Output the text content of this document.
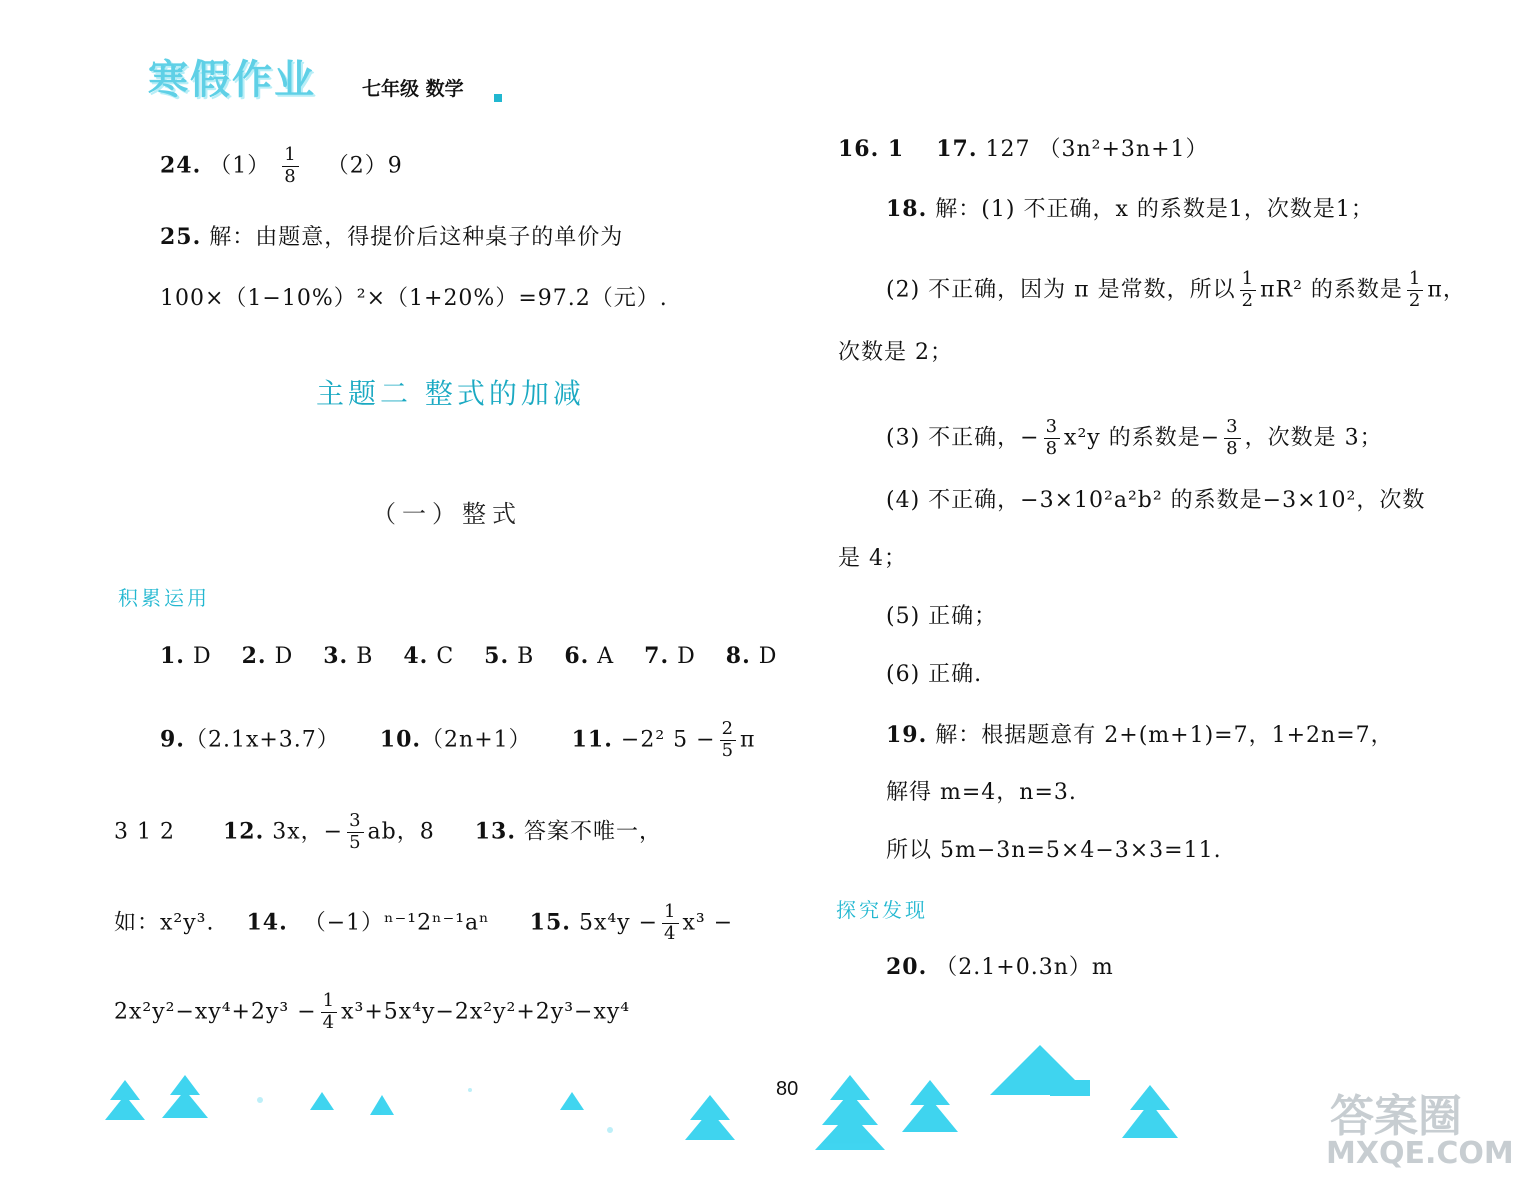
寒假作业 七年级 数学
24. $(1) \frac{1}{8} (2)9$
25. 解：由题意，得提价后这种桌子的单价为
100×（1−10%）²×（1+20%）=97.2（元）.
主题二 整式的加减
（一）整式
积累运用
1. D 2. D 3. B 4. C 5. B 6. A 7. D 8. D
9.（2.1x+3.7） 10.（2n+1） 11. −2² $5 - \frac{2}{5}$ π
3 1 2 12. 3x，− $\frac{3}{5}$ ab，8 13. 答案不唯一，
如：x²y³. 14. （−1）ⁿ⁻¹2ⁿ⁻¹aⁿ 15. $5x^4y - \frac{1}{4} x^3$ −
$2x^2y^2-xy^4+2y^3 - \frac{1}{4} x^3+5x^4y-2x^2y^2+2y^3-xy^4$
16. 1 17. 127 （3n²+3n+1）
18. 解：(1) 不正确，x 的系数是1，次数是1；
(2) 不正确，因为 π 是常数，所以 $\frac{1}{2} \pi R^2$ 的系数是 $\frac{1}{2}$ π，
次数是 2；
(3) 不正确，− $\frac{3}{8} x^2y$ 的系数是− $\frac{3}{8}$ ，次数是 3；
(4) 不正确，−3×10²a²b² 的系数是−3×10²，次数
是 4；
(5) 正确；
(6) 正确.
19. 解：根据题意有 2+(m+1)=7，1+2n=7，
解得 m=4，n=3.
所以 5m−3n=5×4−3×3=11.
探究发现
20. （2.1+0.3n）m
80
答案圈
MXQE.COM
